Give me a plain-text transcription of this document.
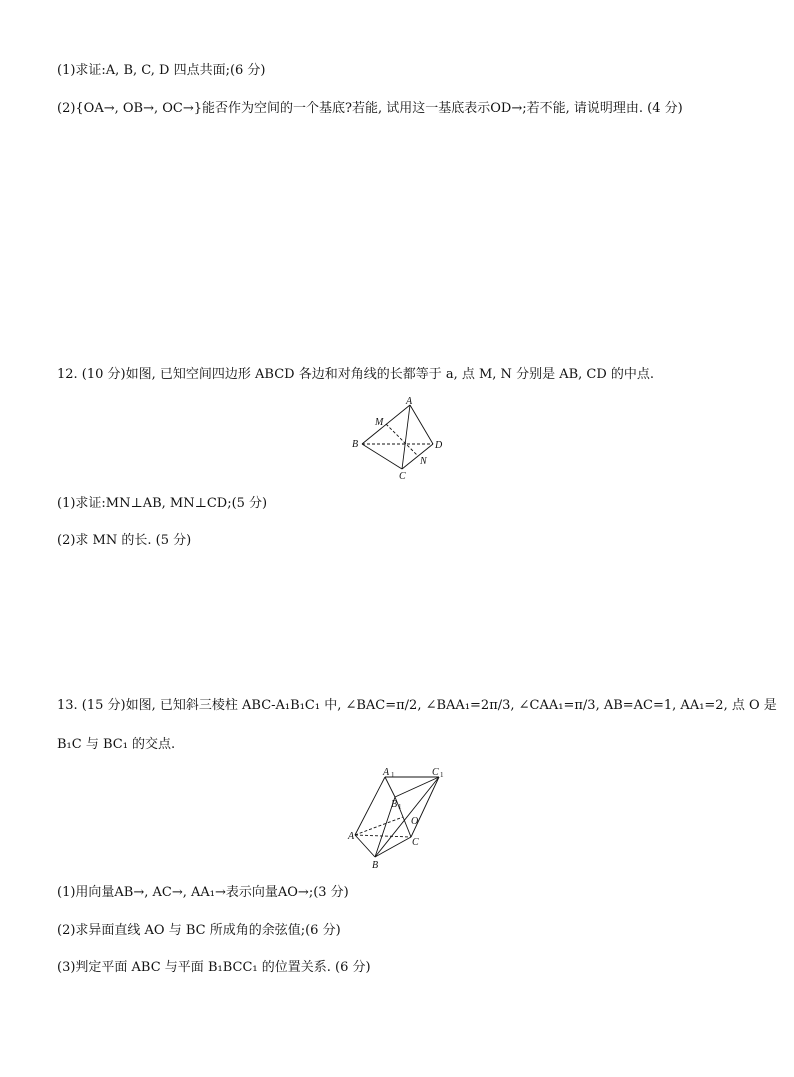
(1)求证:A, B, C, D 四点共面;(6 分)
(2){OA→, OB→, OC→}能否作为空间的一个基底?若能, 试用这一基底表示OD→;若不能, 请说明理由. (4 分)
12. (10 分)如图, 已知空间四边形 ABCD 各边和对角线的长都等于 a, 点 M, N 分别是 AB, CD 的中点.
A
M
B	D
N
C
(1)求证:MN⊥AB, MN⊥CD;(5 分)
(2)求 MN 的长. (5 分)
13. (15 分)如图, 已知斜三棱柱 ABC-A₁B₁C₁ 中, ∠BAC=π/2, ∠BAA₁=2π/3, ∠CAA₁=π/3, AB=AC=1, AA₁=2, 点 O 是
B₁C 与 BC₁ 的交点.
A 1	C 1
B 1
O
A
C
B
(1)用向量AB→, AC→, AA₁→表示向量AO→;(3 分)
(2)求异面直线 AO 与 BC 所成角的余弦值;(6 分)
(3)判定平面 ABC 与平面 B₁BCC₁ 的位置关系. (6 分)
